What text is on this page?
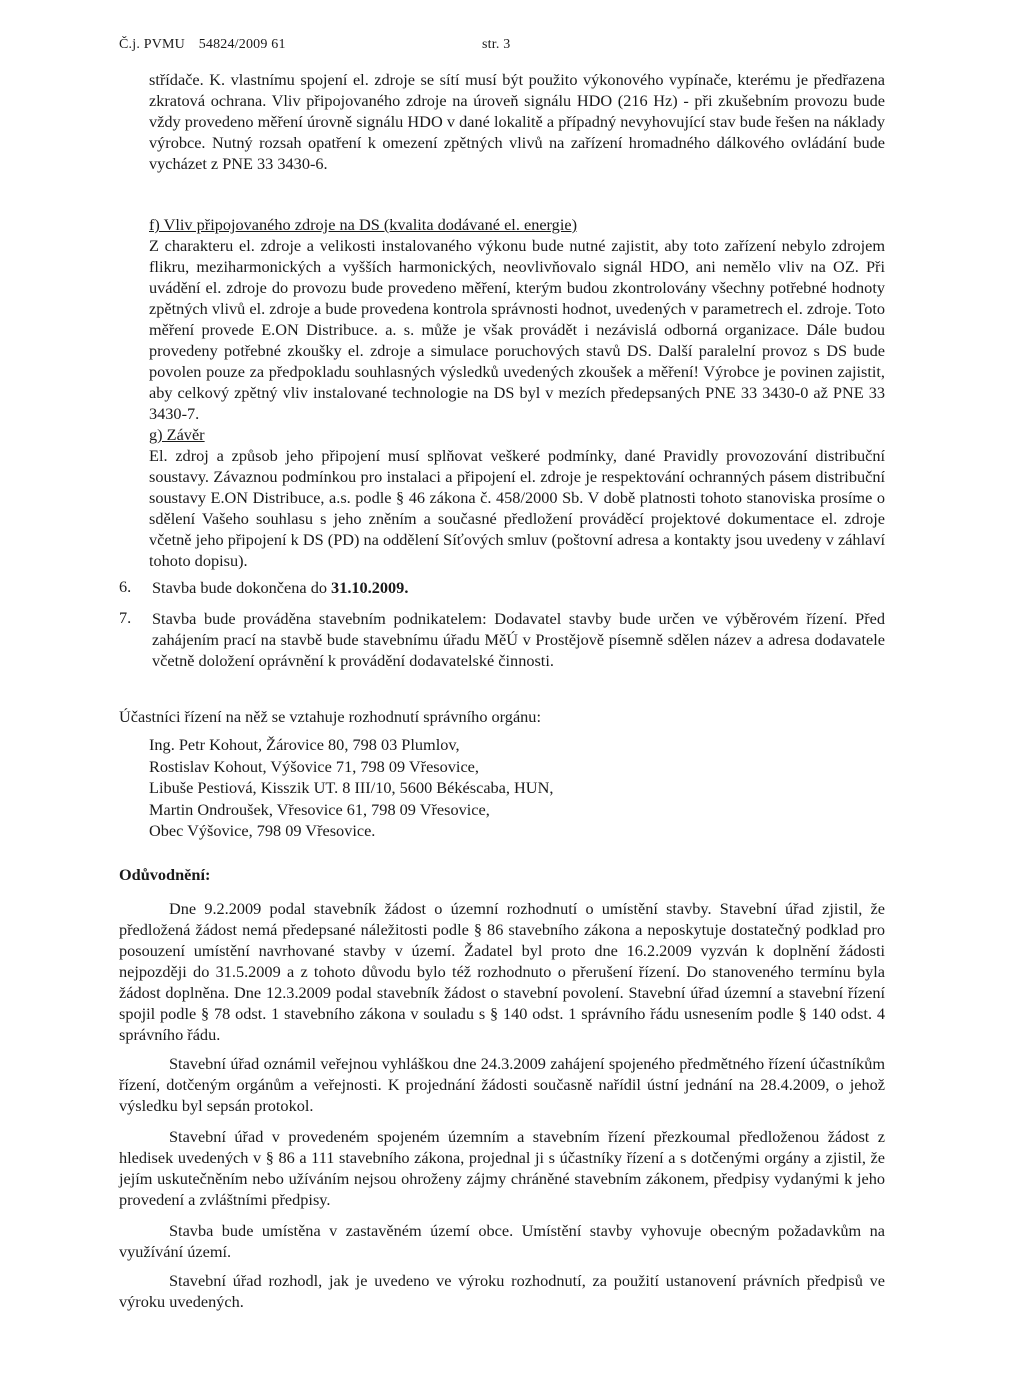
Č.j. PVMU 54824/2009 61	str. 3

střídače. K. vlastnímu spojení el. zdroje se sítí musí být použito výkonového vypínače, kterému je předřazena zkratová ochrana. Vliv připojovaného zdroje na úroveň signálu HDO (216 Hz) - při zkušebním provozu bude vždy provedeno měření úrovně signálu HDO v dané lokalitě a případný nevyhovující stav bude řešen na náklady výrobce. Nutný rozsah opatření k omezení zpětných vlivů na zařízení hromadného dálkového ovládání bude vycházet z PNE 33 3430-6.

f) Vliv připojovaného zdroje na DS (kvalita dodávané el. energie)

Z charakteru el. zdroje a velikosti instalovaného výkonu bude nutné zajistit, aby toto zařízení nebylo zdrojem flikru, meziharmonických a vyšších harmonických, neovlivňovalo signál HDO, ani nemělo vliv na OZ. Při uvádění el. zdroje do provozu bude provedeno měření, kterým budou zkontrolovány všechny potřebné hodnoty zpětných vlivů el. zdroje a bude provedena kontrola správnosti hodnot, uvedených v parametrech el. zdroje. Toto měření provede E.ON Distribuce. a. s. může je však provádět i nezávislá odborná organizace. Dále budou provedeny potřebné zkoušky el. zdroje a simulace poruchových stavů DS. Další paralelní provoz s DS bude povolen pouze za předpokladu souhlasných výsledků uvedených zkoušek a měření! Výrobce je povinen zajistit, aby celkový zpětný vliv instalované technologie na DS byl v mezích předepsaných PNE 33 3430-0 až PNE 33 3430-7.

g) Závěr

El. zdroj a způsob jeho připojení musí splňovat veškeré podmínky, dané Pravidly provozování distribuční soustavy. Závaznou podmínkou pro instalaci a připojení el. zdroje je respektování ochranných pásem distribuční soustavy E.ON Distribuce, a.s. podle § 46 zákona č. 458/2000 Sb. V době platnosti tohoto stanoviska prosíme o sdělení Vašeho souhlasu s jeho zněním a současné předložení prováděcí projektové dokumentace el. zdroje včetně jeho připojení k DS (PD) na oddělení Síťových smluv (poštovní adresa a kontakty jsou uvedeny v záhlaví tohoto dopisu).

6. Stavba bude dokončena do 31.10.2009.

7. Stavba bude prováděna stavebním podnikatelem: Dodavatel stavby bude určen ve výběrovém řízení. Před zahájením prací na stavbě bude stavebnímu úřadu MěÚ v Prostějově písemně sdělen název a adresa dodavatele včetně doložení oprávnění k provádění dodavatelské činnosti.

Účastníci řízení na něž se vztahuje rozhodnutí správního orgánu:

Ing. Petr Kohout, Žárovice 80, 798 03 Plumlov,
Rostislav Kohout, Výšovice 71, 798 09 Vřesovice,
Libuše Pestiová, Kisszik UT. 8 III/10, 5600 Békéscaba, HUN,
Martin Ondroušek, Vřesovice 61, 798 09 Vřesovice,
Obec Výšovice, 798 09 Vřesovice.

Odůvodnění:

Dne 9.2.2009 podal stavebník žádost o územní rozhodnutí o umístění stavby. Stavební úřad zjistil, že předložená žádost nemá předepsané náležitosti podle § 86 stavebního zákona a neposkytuje dostatečný podklad pro posouzení umístění navrhované stavby v území. Žadatel byl proto dne 16.2.2009 vyzván k doplnění žádosti nejpozději do 31.5.2009 a z tohoto důvodu bylo též rozhodnuto o přerušení řízení. Do stanoveného termínu byla žádost doplněna. Dne 12.3.2009 podal stavebník žádost o stavební povolení. Stavební úřad územní a stavební řízení spojil podle § 78 odst. 1 stavebního zákona v souladu s § 140 odst. 1 správního řádu usnesením podle § 140 odst. 4 správního řádu.

Stavební úřad oznámil veřejnou vyhláškou dne 24.3.2009 zahájení spojeného předmětného řízení účastníkům řízení, dotčeným orgánům a veřejnosti. K projednání žádosti současně nařídil ústní jednání na 28.4.2009, o jehož výsledku byl sepsán protokol.

Stavební úřad v provedeném spojeném územním a stavebním řízení přezkoumal předloženou žádost z hledisek uvedených v § 86 a 111 stavebního zákona, projednal ji s účastníky řízení a s dotčenými orgány a zjistil, že jejím uskutečněním nebo užíváním nejsou ohroženy zájmy chráněné stavebním zákonem, předpisy vydanými k jeho provedení a zvláštními předpisy.

Stavba bude umístěna v zastavěném území obce. Umístění stavby vyhovuje obecným požadavkům na využívání území.

Stavební úřad rozhodl, jak je uvedeno ve výroku rozhodnutí, za použití ustanovení právních předpisů ve výroku uvedených.
